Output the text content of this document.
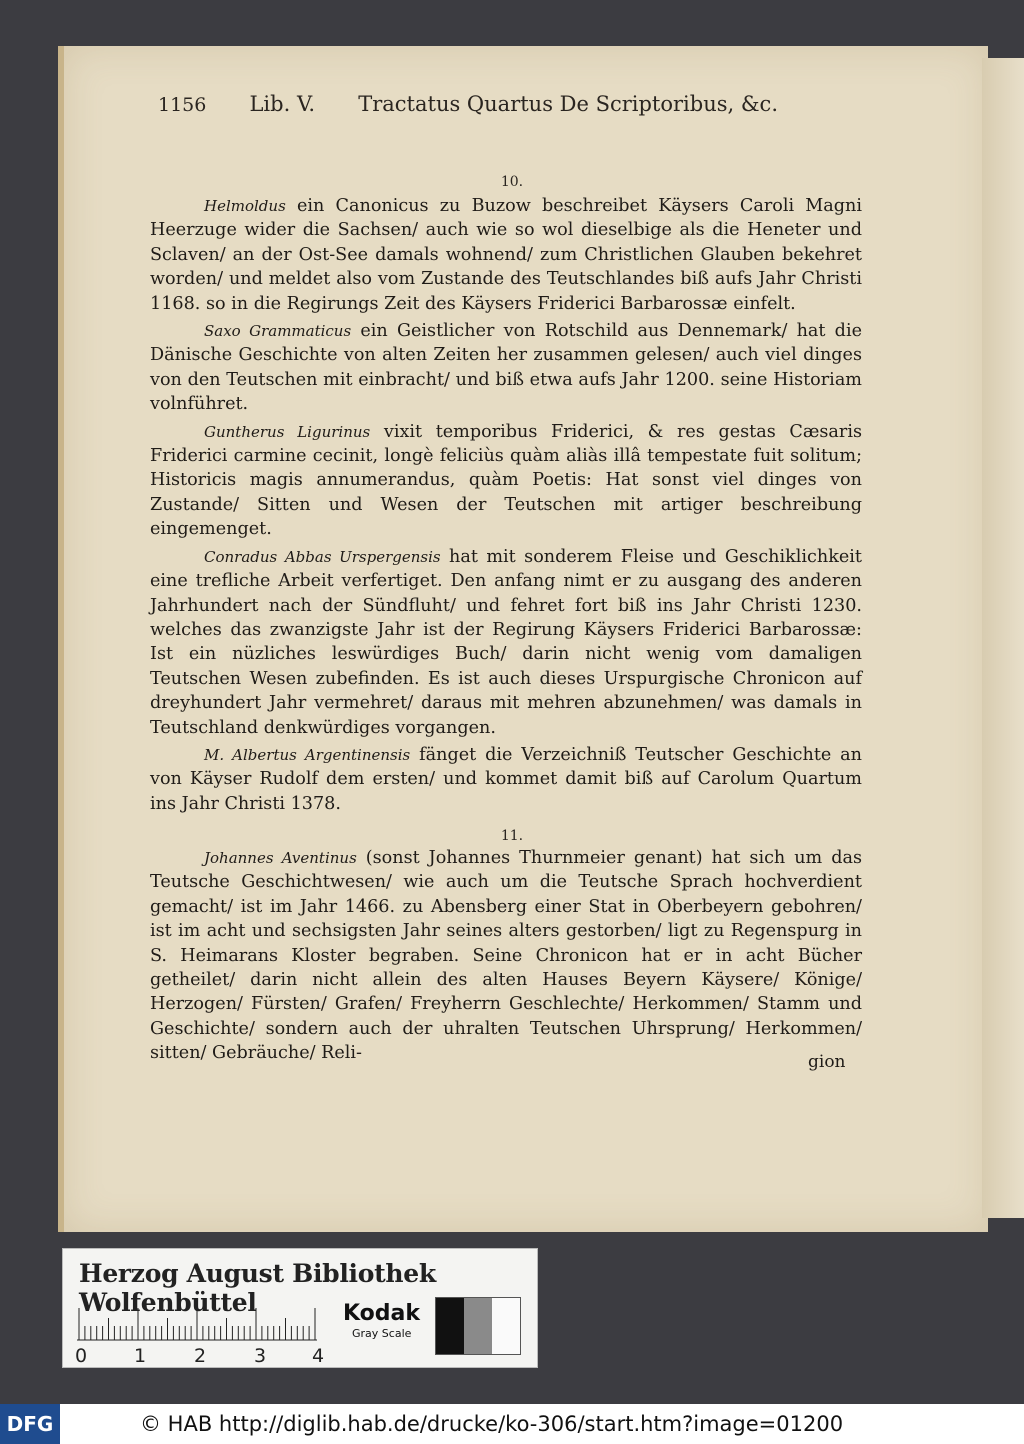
1156 Lib. V. Tractatus Quartus De Scriptoribus, &c.
10.

Helmoldus ein Canonicus zu Buzow beschreibet Käysers Caroli Magni Heerzuge wider die Sachsen/ auch wie so wol dieselbige als die Heneter und Sclaven/ an der Ost-See damals wohnend/ zum Christlichen Glauben bekehret worden/ und meldet also vom Zustande des Teutschlandes biß aufs Jahr Christi 1168. so in die Regirungs Zeit des Käysers Friderici Barbarossæ einfelt.

Saxo Grammaticus ein Geistlicher von Rotschild aus Dennemark/ hat die Dänische Geschichte von alten Zeiten her zusammen gelesen/ auch viel dinges von den Teutschen mit einbracht/ und biß etwa aufs Jahr 1200. seine Historiam volnführet.

Guntherus Ligurinus vixit temporibus Friderici, & res gestas Cæsaris Friderici carmine cecinit, longè feliciùs quàm aliàs illâ tempestate fuit solitum; Historicis magis annumerandus, quàm Poetis: Hat sonst viel dinges von Zustande/ Sitten und Wesen der Teutschen mit artiger beschreibung eingemenget.

Conradus Abbas Urspergensis hat mit sonderem Fleise und Geschiklichkeit eine trefliche Arbeit verfertiget. Den anfang nimt er zu ausgang des anderen Jahrhundert nach der Sündfluht/ und fehret fort biß ins Jahr Christi 1230. welches das zwanzigste Jahr ist der Regirung Käysers Friderici Barbarossæ: Ist ein nüzliches leswürdiges Buch/ darin nicht wenig vom damaligen Teutschen Wesen zubefinden. Es ist auch dieses Urspurgische Chronicon auf dreyhundert Jahr vermehret/ daraus mit mehren abzunehmen/ was damals in Teutschland denkwürdiges vorgangen.

M. Albertus Argentinensis fänget die Verzeichniß Teutscher Geschichte an von Käyser Rudolf dem ersten/ und kommet damit biß auf Carolum Quartum ins Jahr Christi 1378.

11.

Johannes Aventinus (sonst Johannes Thurnmeier genant) hat sich um das Teutsche Geschichtwesen/ wie auch um die Teutsche Sprach hochverdient gemacht/ ist im Jahr 1466. zu Abensberg einer Stat in Oberbeyern gebohren/ ist im acht und sechsigsten Jahr seines alters gestorben/ ligt zu Regenspurg in S. Heimarans Kloster begraben. Seine Chronicon hat er in acht Bücher getheilet/ darin nicht allein des alten Hauses Beyern Käysere/ Könige/ Herzogen/ Fürsten/ Grafen/ Freyherrn Geschlechte/ Herkommen/ Stamm und Geschichte/ sondern auch der uhralten Teutschen Uhrsprung/ Herkommen/ sitten/ Gebräuche/ Reli-	gion
Herzog August Bibliothek Wolfenbüttel
0 1	2	3 4
Kodak
Gray Scale
DFG	© HAB http://diglib.hab.de/drucke/ko-306/start.htm?image=01200
